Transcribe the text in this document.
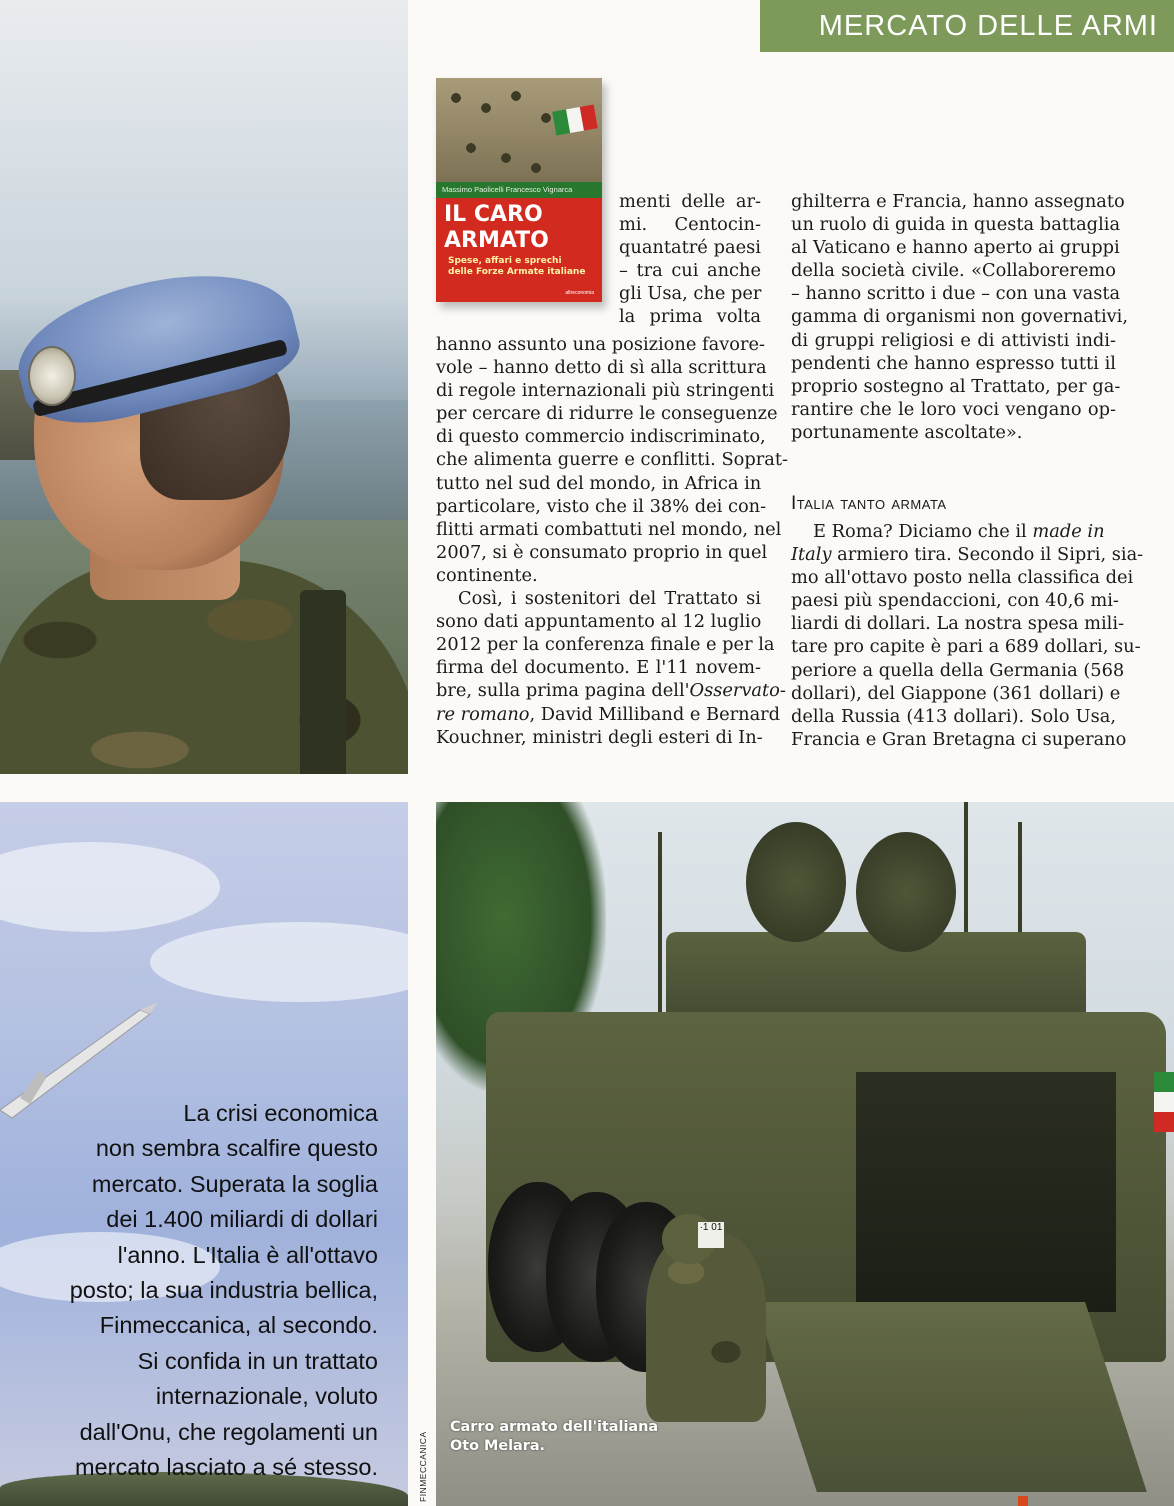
MERCATO DELLE ARMI
La crisi economica
non sembra scalfire questo
mercato. Superata la soglia
dei 1.400 miliardi di dollari
l'anno. L'Italia è all'ottavo
posto; la sua industria bellica,
Finmeccanica, al secondo.
Si confida in un trattato
internazionale, voluto
dall'Onu, che regolamenti un
mercato lasciato a sé stesso.
Massimo Paolicelli Francesco Vignarca
IL CARO
ARMATO
Spese, affari e sprechi
delle Forze Armate italiane
altreconomia
menti delle ar-
mi. Centocin-
quantatré paesi
– tra cui anche
gli Usa, che per
la prima volta
hanno assunto una posizione favore-
vole – hanno detto di sì alla scrittura
di regole internazionali più stringenti
per cercare di ridurre le conseguenze
di questo commercio indiscriminato,
che alimenta guerre e conflitti. Soprat-
tutto nel sud del mondo, in Africa in
particolare, visto che il 38% dei con-
flitti armati combattuti nel mondo, nel
2007, si è consumato proprio in quel
continente.
Così, i sostenitori del Trattato si
sono dati appuntamento al 12 luglio
2012 per la conferenza finale e per la
firma del documento. E l'11 novem-
bre, sulla prima pagina dell'Osservato-
re romano, David Milliband e Bernard
Kouchner, ministri degli esteri di In-
ghilterra e Francia, hanno assegnato
un ruolo di guida in questa battaglia
al Vaticano e hanno aperto ai gruppi
della società civile. «Collaboreremo
– hanno scritto i due – con una vasta
gamma di organismi non governativi,
di gruppi religiosi e di attivisti indi-
pendenti che hanno espresso tutti il
proprio sostegno al Trattato, per ga-
rantire che le loro voci vengano op-
portunamente ascoltate».
Italia tanto armata
E Roma? Diciamo che il made in
Italy armiero tira. Secondo il Sipri, sia-
mo all'ottavo posto nella classifica dei
paesi più spendaccioni, con 40,6 mi-
liardi di dollari. La nostra spesa mili-
tare pro capite è pari a 689 dollari, su-
periore a quella della Germania (568
dollari), del Giappone (361 dollari) e
della Russia (413 dollari). Solo Usa,
Francia e Gran Bretagna ci superano
·1 01
Carro armato dell'italiana
Oto Melara.
FINMECCANICA
